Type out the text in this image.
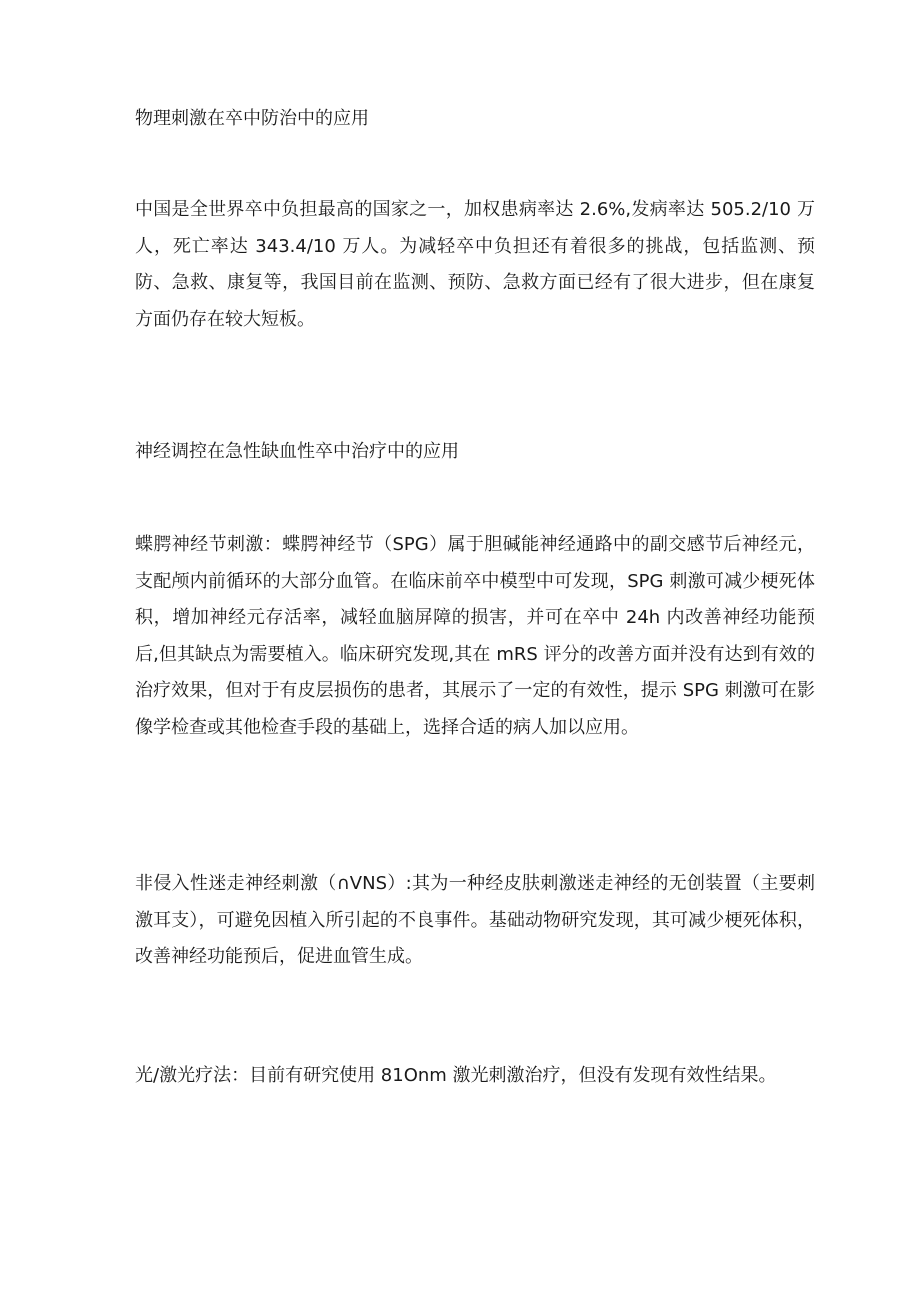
物理刺激在卒中防治中的应用

中国是全世界卒中负担最高的国家之一，加权患病率达 2.6%,发病率达 505.2/10 万人，死亡率达 343.4/10 万人。为减轻卒中负担还有着很多的挑战，包括监测、预防、急救、康复等，我国目前在监测、预防、急救方面已经有了很大进步，但在康复方面仍存在较大短板。

神经调控在急性缺血性卒中治疗中的应用

蝶腭神经节刺激：蝶腭神经节（SPG）属于胆碱能神经通路中的副交感节后神经元，支配颅内前循环的大部分血管。在临床前卒中模型中可发现，SPG 刺激可减少梗死体积，增加神经元存活率，减轻血脑屏障的损害，并可在卒中 24h 内改善神经功能预后,但其缺点为需要植入。临床研究发现,其在 mRS 评分的改善方面并没有达到有效的治疗效果，但对于有皮层损伤的患者，其展示了一定的有效性，提示 SPG 刺激可在影像学检查或其他检查手段的基础上，选择合适的病人加以应用。

非侵入性迷走神经刺激（∩VNS）:其为一种经皮肤刺激迷走神经的无创装置（主要刺激耳支），可避免因植入所引起的不良事件。基础动物研究发现，其可减少梗死体积，改善神经功能预后，促进血管生成。

光/激光疗法：目前有研究使用 81Onm 激光刺激治疗，但没有发现有效性结果。
